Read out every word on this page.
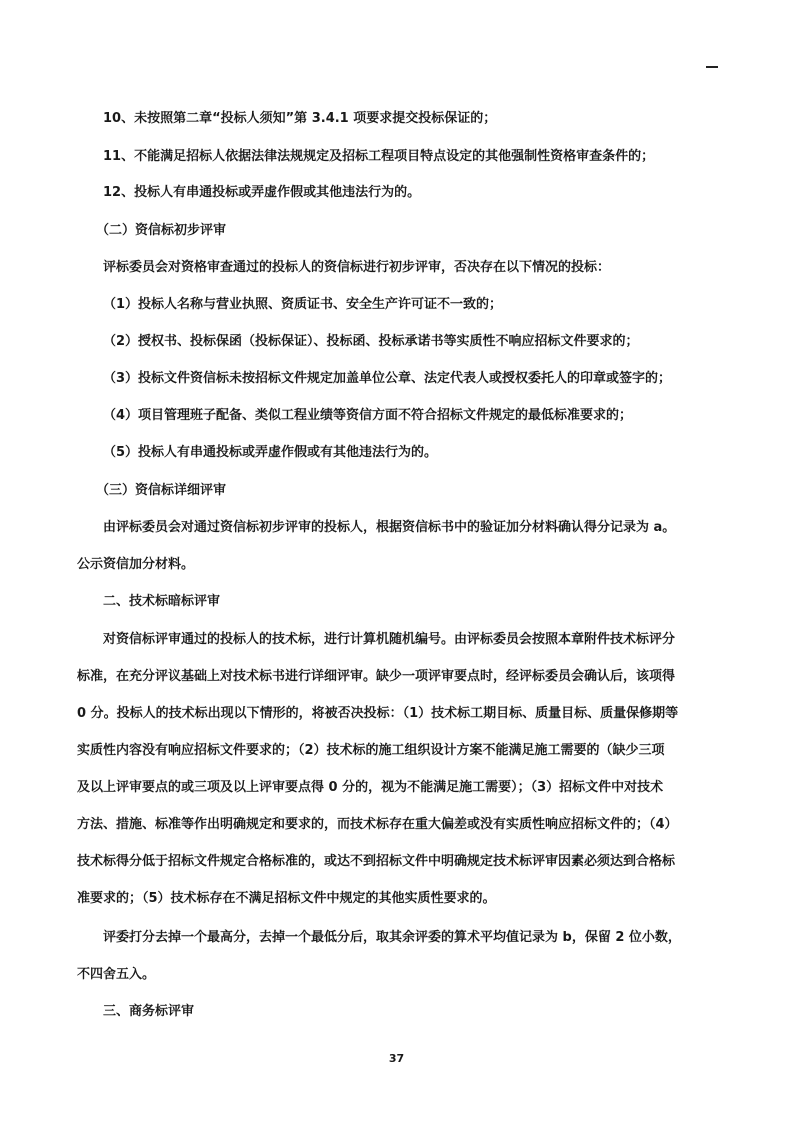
10、未按照第二章“投标人须知”第 3.4.1 项要求提交投标保证的；
11、不能满足招标人依据法律法规规定及招标工程项目特点设定的其他强制性资格审查条件的；
12、投标人有串通投标或弄虚作假或其他违法行为的。
（二）资信标初步评审
评标委员会对资格审查通过的投标人的资信标进行初步评审，否决存在以下情况的投标：
（1）投标人名称与营业执照、资质证书、安全生产许可证不一致的；
（2）授权书、投标保函（投标保证）、投标函、投标承诺书等实质性不响应招标文件要求的；
（3）投标文件资信标未按招标文件规定加盖单位公章、法定代表人或授权委托人的印章或签字的；
（4）项目管理班子配备、类似工程业绩等资信方面不符合招标文件规定的最低标准要求的；
（5）投标人有串通投标或弄虚作假或有其他违法行为的。
（三）资信标详细评审
由评标委员会对通过资信标初步评审的投标人，根据资信标书中的验证加分材料确认得分记录为 a。
公示资信加分材料。
二、技术标暗标评审
对资信标评审通过的投标人的技术标，进行计算机随机编号。由评标委员会按照本章附件技术标评分
标准，在充分评议基础上对技术标书进行详细评审。缺少一项评审要点时，经评标委员会确认后，该项得
0 分。投标人的技术标出现以下情形的，将被否决投标：（1）技术标工期目标、质量目标、质量保修期等
实质性内容没有响应招标文件要求的；（2）技术标的施工组织设计方案不能满足施工需要的（缺少三项
及以上评审要点的或三项及以上评审要点得 0 分的，视为不能满足施工需要）；（3）招标文件中对技术
方法、措施、标准等作出明确规定和要求的，而技术标存在重大偏差或没有实质性响应招标文件的；（4）
技术标得分低于招标文件规定合格标准的，或达不到招标文件中明确规定技术标评审因素必须达到合格标
准要求的；（5）技术标存在不满足招标文件中规定的其他实质性要求的。
评委打分去掉一个最高分，去掉一个最低分后，取其余评委的算术平均值记录为 b，保留 2 位小数，
不四舍五入。
三、商务标评审
37
